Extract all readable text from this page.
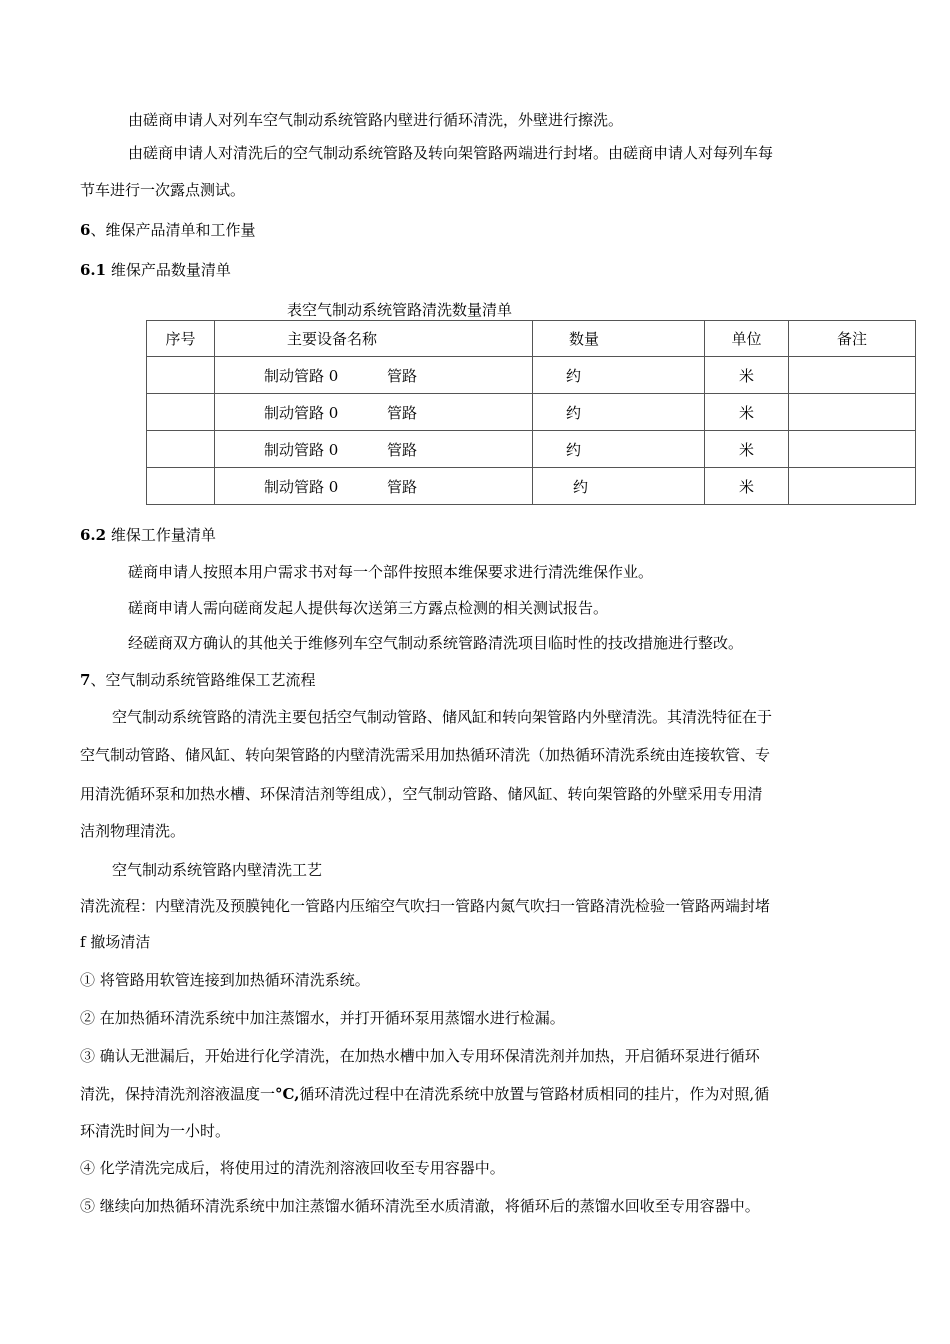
由磋商申请人对列车空气制动系统管路内壁进行循环清洗，外壁进行擦洗。
由磋商申请人对清洗后的空气制动系统管路及转向架管路两端进行封堵。由磋商申请人对每列车每
节车进行一次露点测试。
6、维保产品清单和工作量
6.1 维保产品数量清单
表空气制动系统管路清洗数量清单
序号	主要设备名称	数量	单位	备注

	制动管路 0 管路	约	米	

	制动管路 0 管路	约	米	

	制动管路 0 管路	约	米	

	制动管路 0 管路	约	米	
6.2 维保工作量清单
磋商申请人按照本用户需求书对每一个部件按照本维保要求进行清洗维保作业。
磋商申请人需向磋商发起人提供每次送第三方露点检测的相关测试报告。
经磋商双方确认的其他关于维修列车空气制动系统管路清洗项目临时性的技改措施进行整改。
7、空气制动系统管路维保工艺流程
空气制动系统管路的清洗主要包括空气制动管路、储风缸和转向架管路内外壁清洗。其清洗特征在于
空气制动管路、储风缸、转向架管路的内壁清洗需采用加热循环清洗（加热循环清洗系统由连接软管、专
用清洗循环泵和加热水槽、环保清洁剂等组成），空气制动管路、储风缸、转向架管路的外壁采用专用清
洁剂物理清洗。
空气制动系统管路内壁清洗工艺
清洗流程：内壁清洗及预膜钝化一管路内压缩空气吹扫一管路内氮气吹扫一管路清洗检验一管路两端封堵
f 撤场清洁
① 将管路用软管连接到加热循环清洗系统。
② 在加热循环清洗系统中加注蒸馏水，并打开循环泵用蒸馏水进行检漏。
③ 确认无泄漏后，开始进行化学清洗，在加热水槽中加入专用环保清洗剂并加热，开启循环泵进行循环
清洗，保持清洗剂溶液温度一°C,循环清洗过程中在清洗系统中放置与管路材质相同的挂片，作为对照,循
环清洗时间为一小时。
④ 化学清洗完成后，将使用过的清洗剂溶液回收至专用容器中。
⑤ 继续向加热循环清洗系统中加注蒸馏水循环清洗至水质清澈，将循环后的蒸馏水回收至专用容器中。
